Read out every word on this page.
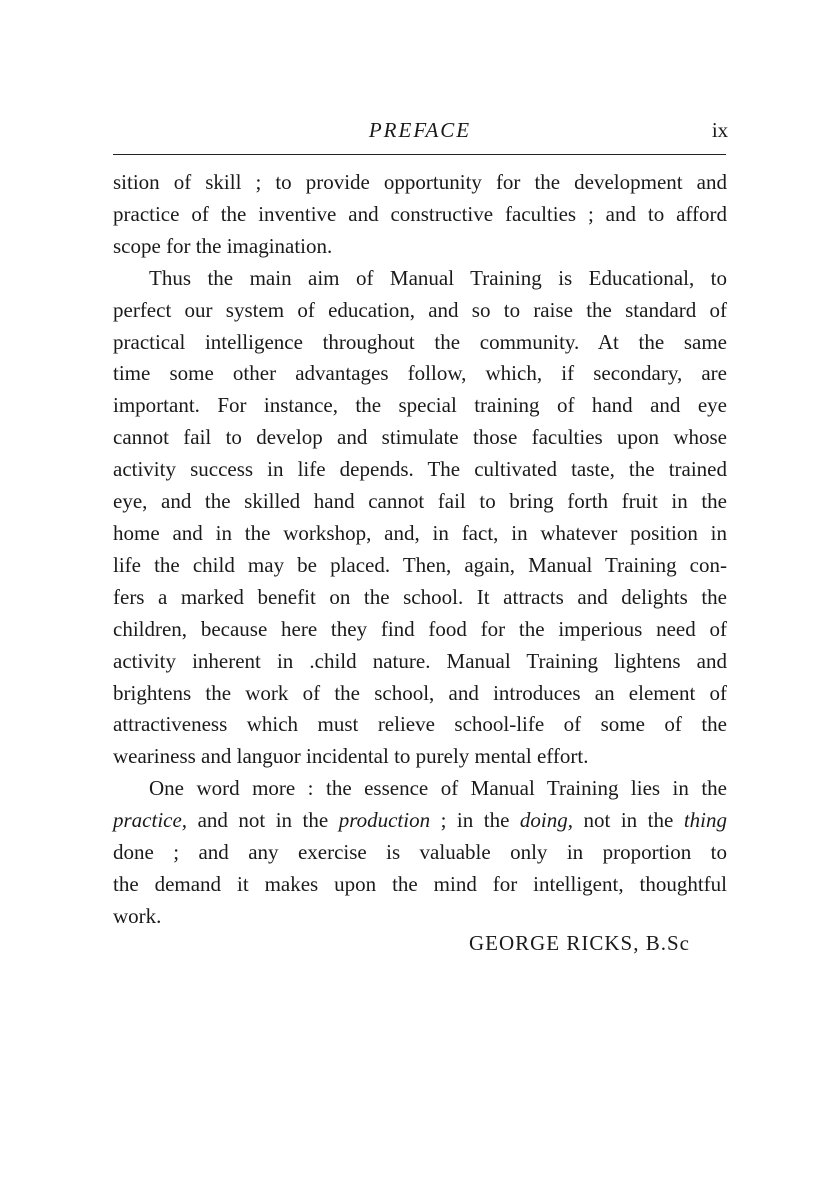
PREFACE	ix

sition of skill ; to provide opportunity for the development and
practice of the inventive and constructive faculties ; and to afford
scope for the imagination.

Thus the main aim of Manual Training is Educational, to
perfect our system of education, and so to raise the standard of
practical intelligence throughout the community. At the same
time some other advantages follow, which, if secondary, are
important. For instance, the special training of hand and eye
cannot fail to develop and stimulate those faculties upon whose
activity success in life depends. The cultivated taste, the trained
eye, and the skilled hand cannot fail to bring forth fruit in the
home and in the workshop, and, in fact, in whatever position in
life the child may be placed. Then, again, Manual Training con-
fers a marked benefit on the school. It attracts and delights the
children, because here they find food for the imperious need of
activity inherent in .child nature. Manual Training lightens and
brightens the work of the school, and introduces an element of
attractiveness which must relieve school-life of some of the
weariness and languor incidental to purely mental effort.

One word more : the essence of Manual Training lies in the
practice, and not in the production ; in the doing, not in the thing
done ; and any exercise is valuable only in proportion to
the demand it makes upon the mind for intelligent, thoughtful
work.

GEORGE RICKS, B.Sc
